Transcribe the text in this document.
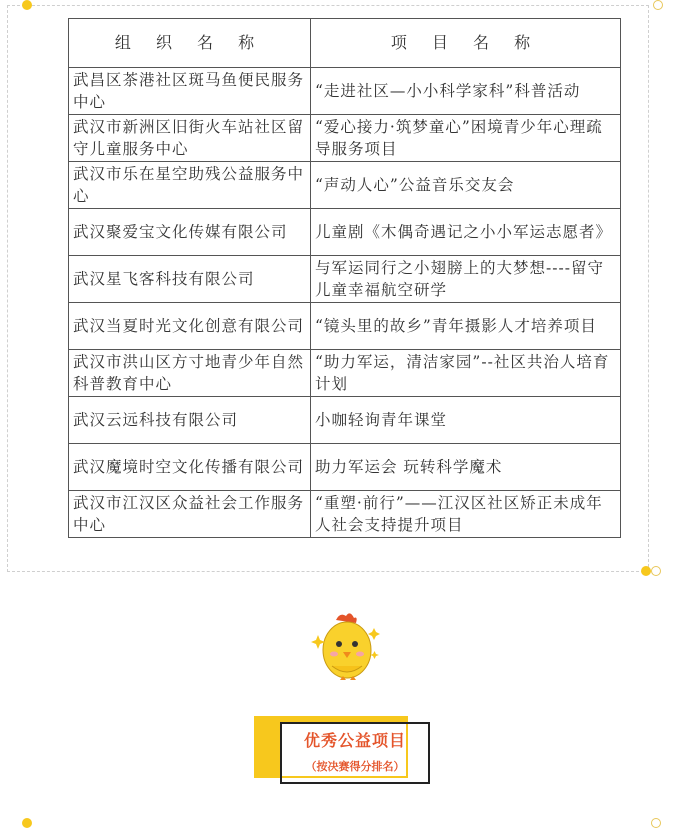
组 织 名 称	项 目 名 称
武昌区茶港社区斑马鱼便民服务中心	“走进社区—小小科学家科”科普活动
武汉市新洲区旧街火车站社区留守儿童服务中心	“爱心接力·筑梦童心”困境青少年心理疏导服务项目
武汉市乐在星空助残公益服务中心	“声动人心”公益音乐交友会
武汉聚爱宝文化传媒有限公司	儿童剧《木偶奇遇记之小小军运志愿者》
武汉星飞客科技有限公司	与军运同行之小翅膀上的大梦想----留守儿童幸福航空研学
武汉当夏时光文化创意有限公司	“镜头里的故乡”青年摄影人才培养项目
武汉市洪山区方寸地青少年自然科普教育中心	“助力军运，清洁家园”--社区共治人培育计划
武汉云远科技有限公司	小咖轻询青年课堂
武汉魔境时空文化传播有限公司	助力军运会 玩转科学魔术
武汉市江汉区众益社会工作服务中心	“重塑·前行”——江汉区社区矫正未成年人社会支持提升项目
优秀公益项目
（按决赛得分排名）
